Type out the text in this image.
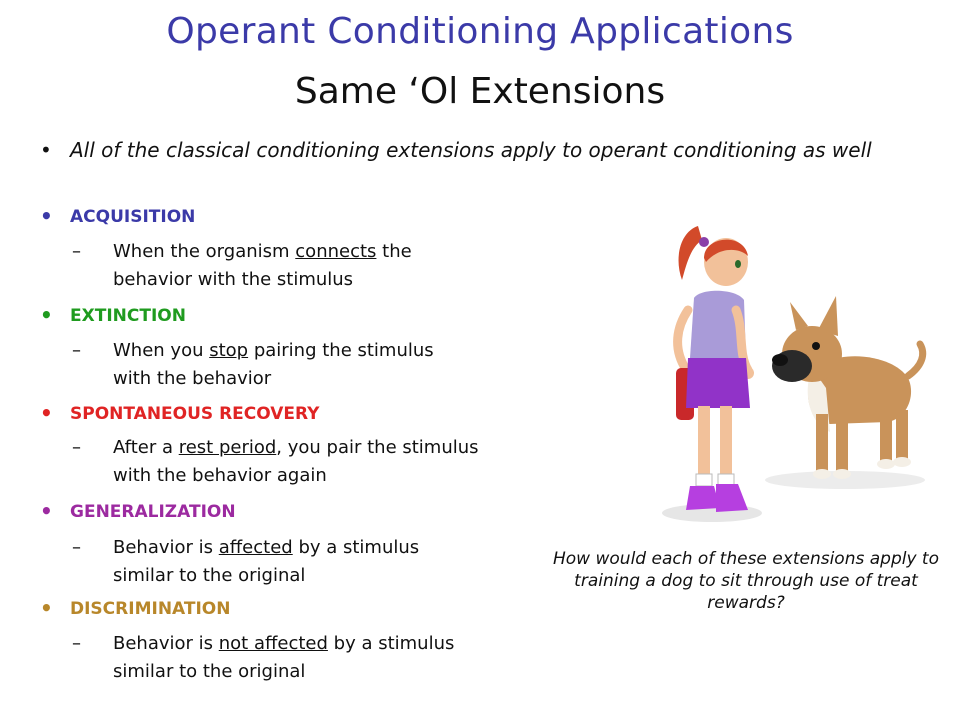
Operant Conditioning Applications
Same ‘Ol Extensions
• All of the classical conditioning extensions apply to operant conditioning as well
• ACQUISITION
– When the organism connects the
behavior with the stimulus
• EXTINCTION
– When you stop pairing the stimulus
with the behavior
• SPONTANEOUS RECOVERY
– After a rest period, you pair the stimulus
with the behavior again
• GENERALIZATION
– Behavior is affected by a stimulus
similar to the original
• DISCRIMINATION
– Behavior is not affected by a stimulus
similar to the original
How would each of these extensions apply to training a dog to sit through use of treat rewards?
